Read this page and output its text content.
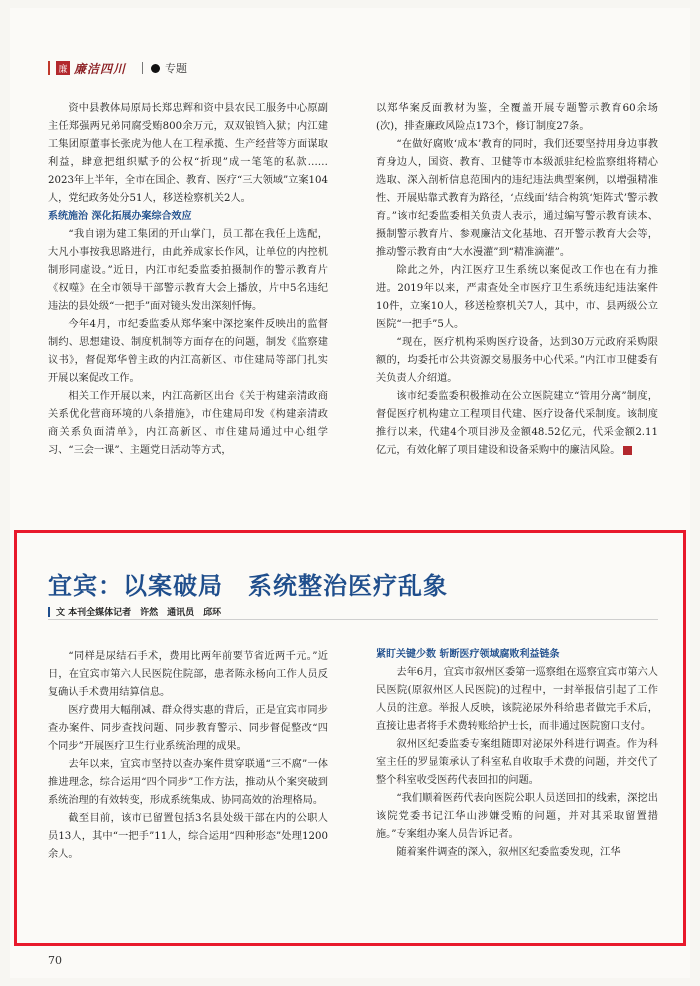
廉 廉洁四川	专题

资中县教体局原局长郑忠辉和资中县农民工服务中心原副主任郑强两兄弟同腐受贿800余万元，双双锒铛入狱；内江建工集团原董事长张虎为他人在工程承揽、生产经营等方面谋取利益，肆意把组织赋予的公权“折现”成一笔笔的私款……2023年上半年，全市在国企、教育、医疗“三大领域”立案104人，党纪政务处分51人，移送检察机关2人。

系统施治 深化拓展办案综合效应

“我自诩为建工集团的开山掌门，员工都在我任上选配，大凡小事按我思路进行，由此养成家长作风，让单位的内控机制形同虚设。”近日，内江市纪委监委拍摄制作的警示教育片《权噬》在全市领导干部警示教育大会上播放，片中5名违纪违法的县处级“一把手”面对镜头发出深刻忏悔。

今年4月，市纪委监委从郑华案中深挖案件反映出的监督制约、思想建设、制度机制等方面存在的问题，制发《监察建议书》，督促郑华曾主政的内江高新区、市住建局等部门扎实开展以案促改工作。

相关工作开展以来，内江高新区出台《关于构建亲清政商关系优化营商环境的八条措施》，市住建局印发《构建亲清政商关系负面清单》，内江高新区、市住建局通过中心组学习、“三会一课”、主题党日活动等方式，

以郑华案反面教材为鉴，全覆盖开展专题警示教育60余场(次)，排查廉政风险点173个，修订制度27条。

“在做好腐败‘成本’教育的同时，我们还要坚持用身边事教育身边人，国资、教育、卫健等市本级派驻纪检监察组将精心选取、深入剖析信息范围内的违纪违法典型案例，以增强精准性、开展贴靠式教育为路径，‘点线面’结合构筑‘矩阵式’警示教育。”该市纪委监委相关负责人表示，通过编写警示教育读本、摄制警示教育片、参观廉洁文化基地、召开警示教育大会等，推动警示教育由“大水漫灌”到“精准滴灌”。

除此之外，内江医疗卫生系统以案促改工作也在有力推进。2019年以来，严肃查处全市医疗卫生系统违纪违法案件10件，立案10人，移送检察机关7人，其中，市、县两级公立医院“一把手”5人。

“现在，医疗机构采购医疗设备，达到30万元政府采购限额的，均委托市公共资源交易服务中心代采。”内江市卫健委有关负责人介绍道。

该市纪委监委积极推动在公立医院建立“管用分离”制度，督促医疗机构建立工程项目代建、医疗设备代采制度。该制度推行以来，代建4个项目涉及金额48.52亿元，代采金额2.11亿元，有效化解了项目建设和设备采购中的廉洁风险。

宜宾：以案破局　系统整治医疗乱象
文 本刊全媒体记者　许然　通讯员　邱环

“同样是尿结石手术，费用比两年前要节省近两千元。”近日，在宜宾市第六人民医院住院部，患者陈永杨向工作人员反复确认手术费用结算信息。

医疗费用大幅削减、群众得实惠的背后，正是宜宾市同步查办案件、同步查找问题、同步教育警示、同步督促整改“四个同步”开展医疗卫生行业系统治理的成果。

去年以来，宜宾市坚持以查办案件贯穿联通“三不腐”一体推进理念，综合运用“四个同步”工作方法，推动从个案突破到系统治理的有效转变，形成系统集成、协同高效的治理格局。

截至目前，该市已留置包括3名县处级干部在内的公职人员13人，其中“一把手”11人，综合运用“四种形态”处理1200余人。

紧盯关键少数 斩断医疗领域腐败利益链条

去年6月，宜宾市叙州区委第一巡察组在巡察宜宾市第六人民医院(原叙州区人民医院)的过程中，一封举报信引起了工作人员的注意。举报人反映，该院泌尿外科给患者做完手术后，直接让患者将手术费转账给护士长，而非通过医院窗口支付。

叙州区纪委监委专案组随即对泌尿外科进行调查。作为科室主任的罗显策承认了科室私自收取手术费的问题，并交代了整个科室收受医药代表回扣的问题。

“我们顺着医药代表向医院公职人员送回扣的线索，深挖出该院党委书记江华山涉嫌受贿的问题，并对其采取留置措施。”专案组办案人员告诉记者。

随着案件调查的深入，叙州区纪委监委发现，江华

70
